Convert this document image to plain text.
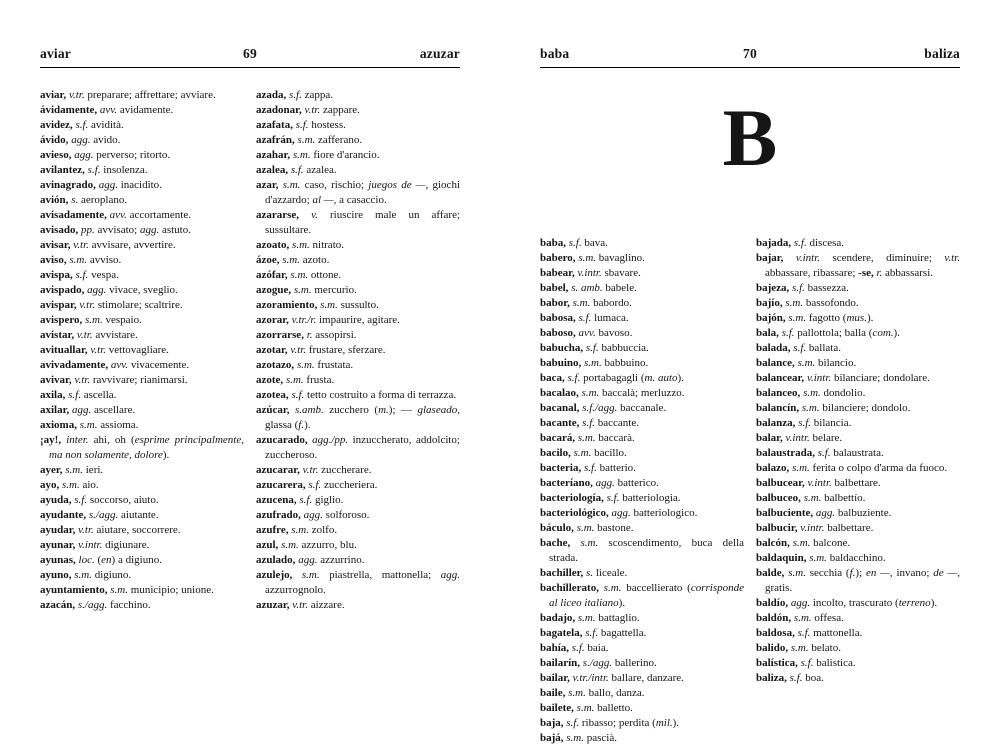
aviar	69	azuzar
aviar, v.tr. preparare; affrettare; avviare.
ávidamente, avv. avidamente.
avidez, s.f. avidità.
ávido, agg. avido.
avieso, agg. perverso; ritorto.
avilantez, s.f. insolenza.
avinagrado, agg. inacidito.
avión, s. aeroplano.
avisadamente, avv. accortamente.
avisado, pp. avvisato; agg. astuto.
avisar, v.tr. avvisare, avvertire.
aviso, s.m. avviso.
avispa, s.f. vespa.
avispado, agg. vivace, sveglio.
avispar, v.tr. stimolare; scaltrire.
avispero, s.m. vespaio.
avistar, v.tr. avvistare.
avituallar, v.tr. vettovagliare.
avivadamente, avv. vivacemente.
avivar, v.tr. ravvivare; rianimarsi.
axila, s.f. ascella.
axilar, agg. ascellare.
axioma, s.m. assioma.
¡ay!, inter. ahi, oh (esprime principalmente, ma non solamente, dolore).
ayer, s.m. ieri.
ayo, s.m. aio.
ayuda, s.f. soccorso, aiuto.
ayudante, s./agg. aiutante.
ayudar, v.tr. aiutare, soccorrere.
ayunar, v.intr. digiunare.
ayunas, loc. (en) a digiuno.
ayuno, s.m. digiuno.
ayuntamiento, s.m. municipio; unione.
azacán, s./agg. facchino.
azada, s.f. zappa.
azadonar, v.tr. zappare.
azafata, s.f. hostess.
azafrán, s.m. zafferano.
azahar, s.m. fiore d'arancio.
azalea, s.f. azalea.
azar, s.m. caso, rischio; juegos de —, giochi d'azzardo; al —, a casaccio.
azararse, v. riuscire male un affare; sussultare.
azoato, s.m. nitrato.
ázoe, s.m. azoto.
azófar, s.m. ottone.
azogue, s.m. mercurio.
azoramiento, s.m. sussulto.
azorar, v.tr./r. impaurire, agitare.
azorrarse, r. assopirsi.
azotar, v.tr. frustare, sferzare.
azotazo, s.m. frustata.
azote, s.m. frusta.
azotea, s.f. tetto costruito a forma di terrazza.
azúcar, s.amb. zucchero (m.); — glaseado, glassa (f.).
azucarado, agg./pp. inzuccherato, addolcito; zuccheroso.
azucarar, v.tr. zuccherare.
azucarera, s.f. zuccheriera.
azucena, s.f. giglio.
azufrado, agg. solforoso.
azufre, s.m. zolfo.
azul, s.m. azzurro, blu.
azulado, agg. azzurrino.
azulejo, s.m. piastrella, mattonella; agg. azzurrognolo.
azuzar, v.tr. aizzare.
baba	70	baliza
B
baba, s.f. bava.
babero, s.m. bavaglino.
babear, v.intr. sbavare.
babel, s. amb. babele.
babor, s.m. babordo.
babosa, s.f. lumaca.
baboso, avv. bavoso.
babucha, s.f. babbuccia.
babuino, s.m. babbuino.
baca, s.f. portabagagli (m. auto).
bacalao, s.m. baccalà; merluzzo.
bacanal, s.f./agg. baccanale.
bacante, s.f. baccante.
bacará, s.m. baccarà.
bacilo, s.m. bacillo.
bacteria, s.f. batterio.
bacteríano, agg. batterico.
bacteriología, s.f. batteriologia.
bacteriológico, agg. batteriologico.
báculo, s.m. bastone.
bache, s.m. scoscendimento, buca della strada.
bachiller, s. liceale.
bachillerato, s.m. baccellierato (corrisponde al liceo italiano).
badajo, s.m. battaglio.
bagatela, s.f. bagattella.
bahía, s.f. baia.
bailarín, s./agg. ballerino.
bailar, v.tr./intr. ballare, danzare.
baile, s.m. ballo, danza.
bailete, s.m. balletto.
baja, s.f. ribasso; perdita (mil.).
bajá, s.m. pascià.
bajada, s.f. discesa.
bajar, v.intr. scendere, diminuire; v.tr. abbassare, ribassare; -se, r. abbassarsi.
bajeza, s.f. bassezza.
bajío, s.m. bassofondo.
bajón, s.m. fagotto (mus.).
bala, s.f. pallottola; balla (com.).
balada, s.f. ballata.
balance, s.m. bilancio.
balancear, v.intr. bilanciare; dondolare.
balanceo, s.m. dondolio.
balancín, s.m. bilanciere; dondolo.
balanza, s.f. bilancia.
balar, v.intr. belare.
balaustrada, s.f. balaustrata.
balazo, s.m. ferita o colpo d'arma da fuoco.
balbucear, v.intr. balbettare.
balbuceo, s.m. balbettío.
balbuciente, agg. balbuziente.
balbucir, v.intr. balbettare.
balcón, s.m. balcone.
baldaquin, s.m. baldacchino.
balde, s.m. secchia (f.); en —, invano; de —, gratis.
baldío, agg. incolto, trascurato (terreno).
baldón, s.m. offesa.
baldosa, s.f. mattonella.
balido, s.m. belato.
balística, s.f. balistica.
baliza, s.f. boa.
